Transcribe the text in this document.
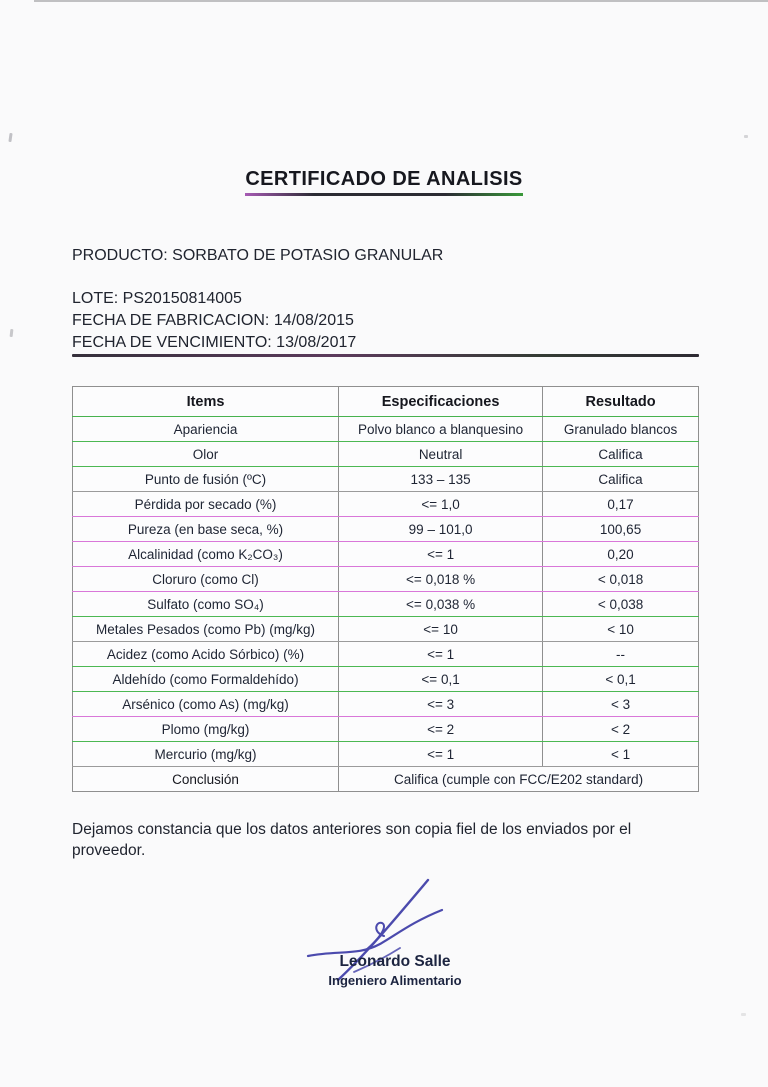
CERTIFICADO DE ANALISIS
PRODUCTO: SORBATO DE POTASIO GRANULAR
LOTE: PS20150814005
FECHA DE FABRICACION: 14/08/2015
FECHA DE VENCIMIENTO: 13/08/2017
Items	Especificaciones	Resultado
Apariencia	Polvo blanco a blanquesino	Granulado blancos
Olor	Neutral	Califica
Punto de fusión (ºC)	133 – 135	Califica
Pérdida por secado (%)	<= 1,0	0,17
Pureza (en base seca, %)	99 – 101,0	100,65
Alcalinidad (como K₂CO₃)	<= 1	0,20
Cloruro (como Cl)	<= 0,018 %	< 0,018
Sulfato (como SO₄)	<= 0,038 %	< 0,038
Metales Pesados (como Pb) (mg/kg)	<= 10	< 10
Acidez (como Acido Sórbico) (%)	<= 1	--
Aldehído (como Formaldehído)	<= 0,1	< 0,1
Arsénico (como As) (mg/kg)	<= 3	< 3
Plomo (mg/kg)	<= 2	< 2
Mercurio (mg/kg)	<= 1	< 1
Conclusión	Califica (cumple con FCC/E202 standard)	
Dejamos constancia que los datos anteriores son copia fiel de los enviados por el proveedor.
Leonardo Salle
Ingeniero Alimentario
